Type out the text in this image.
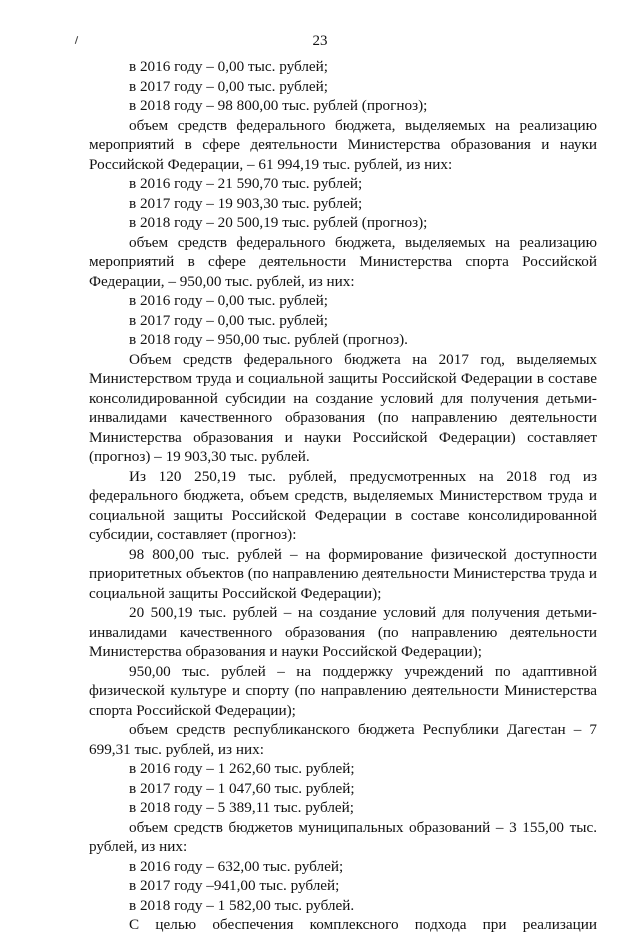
23

в 2016 году – 0,00 тыс. рублей;

в 2017 году – 0,00 тыс. рублей;

в 2018 году – 98 800,00 тыс. рублей (прогноз);

объем средств федерального бюджета, выделяемых на реализацию мероприятий в сфере деятельности Министерства образования и науки Российской Федерации, – 61 994,19 тыс. рублей, из них:

в 2016 году – 21 590,70 тыс. рублей;

в 2017 году – 19 903,30 тыс. рублей;

в 2018 году – 20 500,19 тыс. рублей (прогноз);

объем средств федерального бюджета, выделяемых на реализацию мероприятий в сфере деятельности Министерства спорта Российской Федерации, – 950,00 тыс. рублей, из них:

в 2016 году – 0,00 тыс. рублей;

в 2017 году – 0,00 тыс. рублей;

в 2018 году – 950,00 тыс. рублей (прогноз).

Объем средств федерального бюджета на 2017 год, выделяемых Министерством труда и социальной защиты Российской Федерации в составе консолидированной субсидии на создание условий для получения детьми-инвалидами качественного образования (по направлению деятельности Министерства образования и науки Российской Федерации) составляет (прогноз) – 19 903,30 тыс. рублей.

Из 120 250,19 тыс. рублей, предусмотренных на 2018 год из федерального бюджета, объем средств, выделяемых Министерством труда и социальной защиты Российской Федерации в составе консолидированной субсидии, составляет (прогноз):

98 800,00 тыс. рублей – на формирование физической доступности приоритетных объектов (по направлению деятельности Министерства труда и социальной защиты Российской Федерации);

20 500,19 тыс. рублей – на создание условий для получения детьми-инвалидами качественного образования (по направлению деятельности Министерства образования и науки Российской Федерации);

950,00 тыс. рублей – на поддержку учреждений по адаптивной физической культуре и спорту (по направлению деятельности Министерства спорта Российской Федерации);

объем средств республиканского бюджета Республики Дагестан – 7 699,31 тыс. рублей, из них:

в 2016 году – 1 262,60 тыс. рублей;

в 2017 году – 1 047,60 тыс. рублей;

в 2018 году – 5 389,11 тыс. рублей;

объем средств бюджетов муниципальных образований – 3 155,00 тыс. рублей, из них:

в 2016 году – 632,00 тыс. рублей;

в 2017 году –941,00 тыс. рублей;

в 2018 году – 1 582,00 тыс. рублей.

С целью обеспечения комплексного подхода при реализации
